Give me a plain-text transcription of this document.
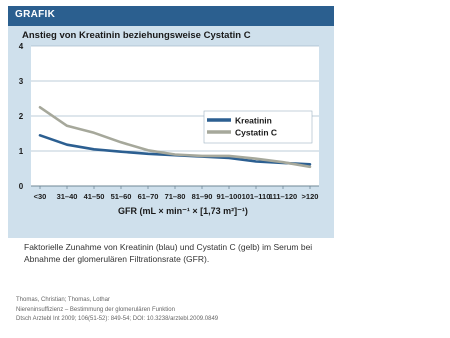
GRAFIK
Anstieg von Kreatinin beziehungsweise Cystatin C
0
1
2
3
4
<30 31–40 41–50 51–60 61–70 71–80 81–90 91–100 101–110
111–120 >120
Kreatinin
Cystatin C
GFR (mL × min⁻¹ × [1,73 m²]⁻¹)
Faktorielle Zunahme von Kreatinin (blau) und Cystatin C (gelb) im Serum bei Abnahme der glomerulären Filtrationsrate (GFR).
Thomas, Christian; Thomas, Lothar
Niereninsuffizienz – Bestimmung der glomerulären Funktion
Dtsch Arztebl Int 2009; 106(51-52): 849-54; DOI: 10.3238/arztebl.2009.0849
